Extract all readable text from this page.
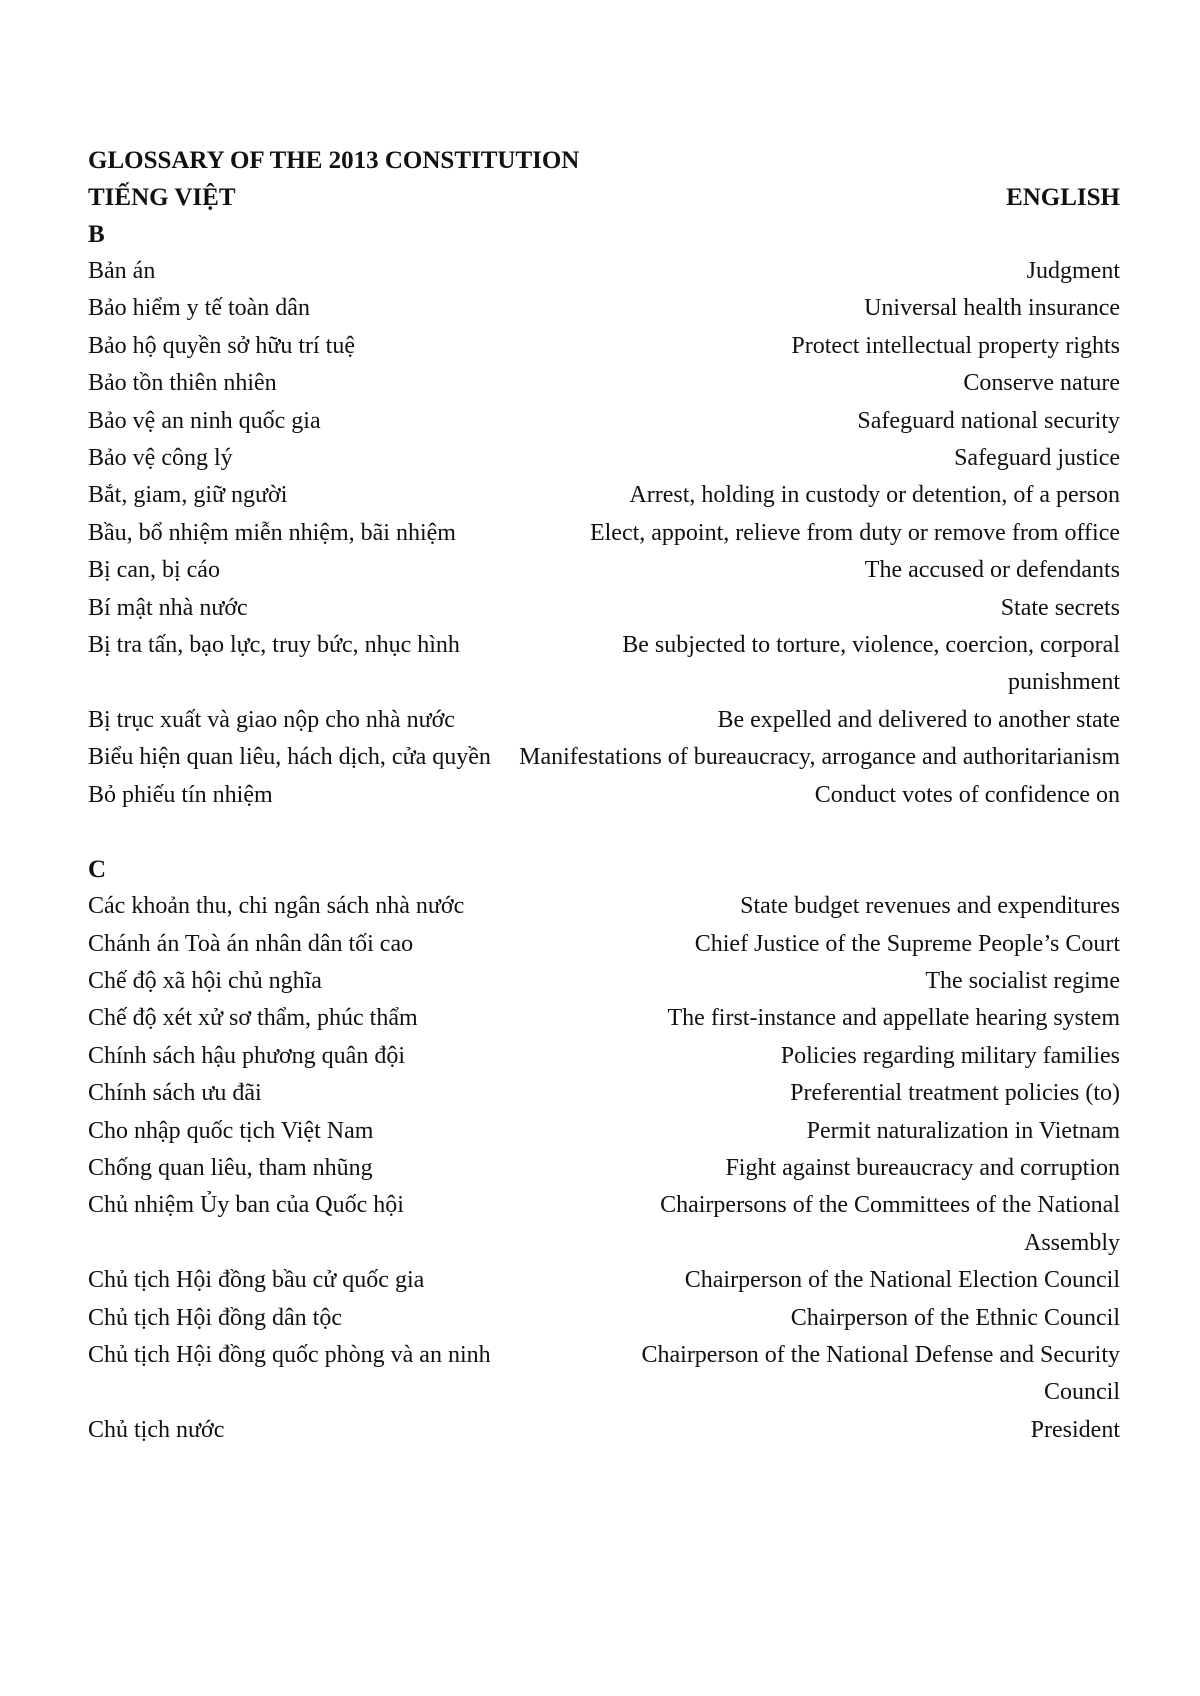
GLOSSARY OF THE 2013 CONSTITUTION
TIẾNG VIỆT	ENGLISH
B
Bản án	Judgment
Bảo hiểm y tế toàn dân	Universal health insurance
Bảo hộ quyền sở hữu trí tuệ	Protect intellectual property rights
Bảo tồn thiên nhiên	Conserve nature
Bảo vệ an ninh quốc gia	Safeguard national security
Bảo vệ công lý	Safeguard justice
Bắt, giam, giữ người	Arrest, holding in custody or detention, of a person
Bầu, bổ nhiệm miễn nhiệm, bãi nhiệm	Elect, appoint, relieve from duty or remove from office
Bị can, bị cáo	The accused or defendants
Bí mật nhà nước	State secrets
Bị tra tấn, bạo lực, truy bức, nhục hình	Be subjected to torture, violence, coercion, corporal punishment
Bị trục xuất và giao nộp cho nhà nước	Be expelled and delivered to another state
Biểu hiện quan liêu, hách dịch, cửa quyền	Manifestations of bureaucracy, arrogance and authoritarianism
Bỏ phiếu tín nhiệm	Conduct votes of confidence on
C
Các khoản thu, chi ngân sách nhà nước	State budget revenues and expenditures
Chánh án Toà án nhân dân tối cao	Chief Justice of the Supreme People’s Court
Chế độ xã hội chủ nghĩa	The socialist regime
Chế độ xét xử sơ thẩm, phúc thẩm	The first-instance and appellate hearing system
Chính sách hậu phương quân đội	Policies regarding military families
Chính sách ưu đãi	Preferential treatment policies (to)
Cho nhập quốc tịch Việt Nam	Permit naturalization in Vietnam
Chống quan liêu, tham nhũng	Fight against bureaucracy and corruption
Chủ nhiệm Ủy ban của Quốc hội	Chairpersons of the Committees of the National Assembly
Chủ tịch Hội đồng bầu cử quốc gia	Chairperson of the National Election Council
Chủ tịch Hội đồng dân tộc	Chairperson of the Ethnic Council
Chủ tịch Hội đồng quốc phòng và an ninh	Chairperson of the National Defense and Security Council
Chủ tịch nước	President
